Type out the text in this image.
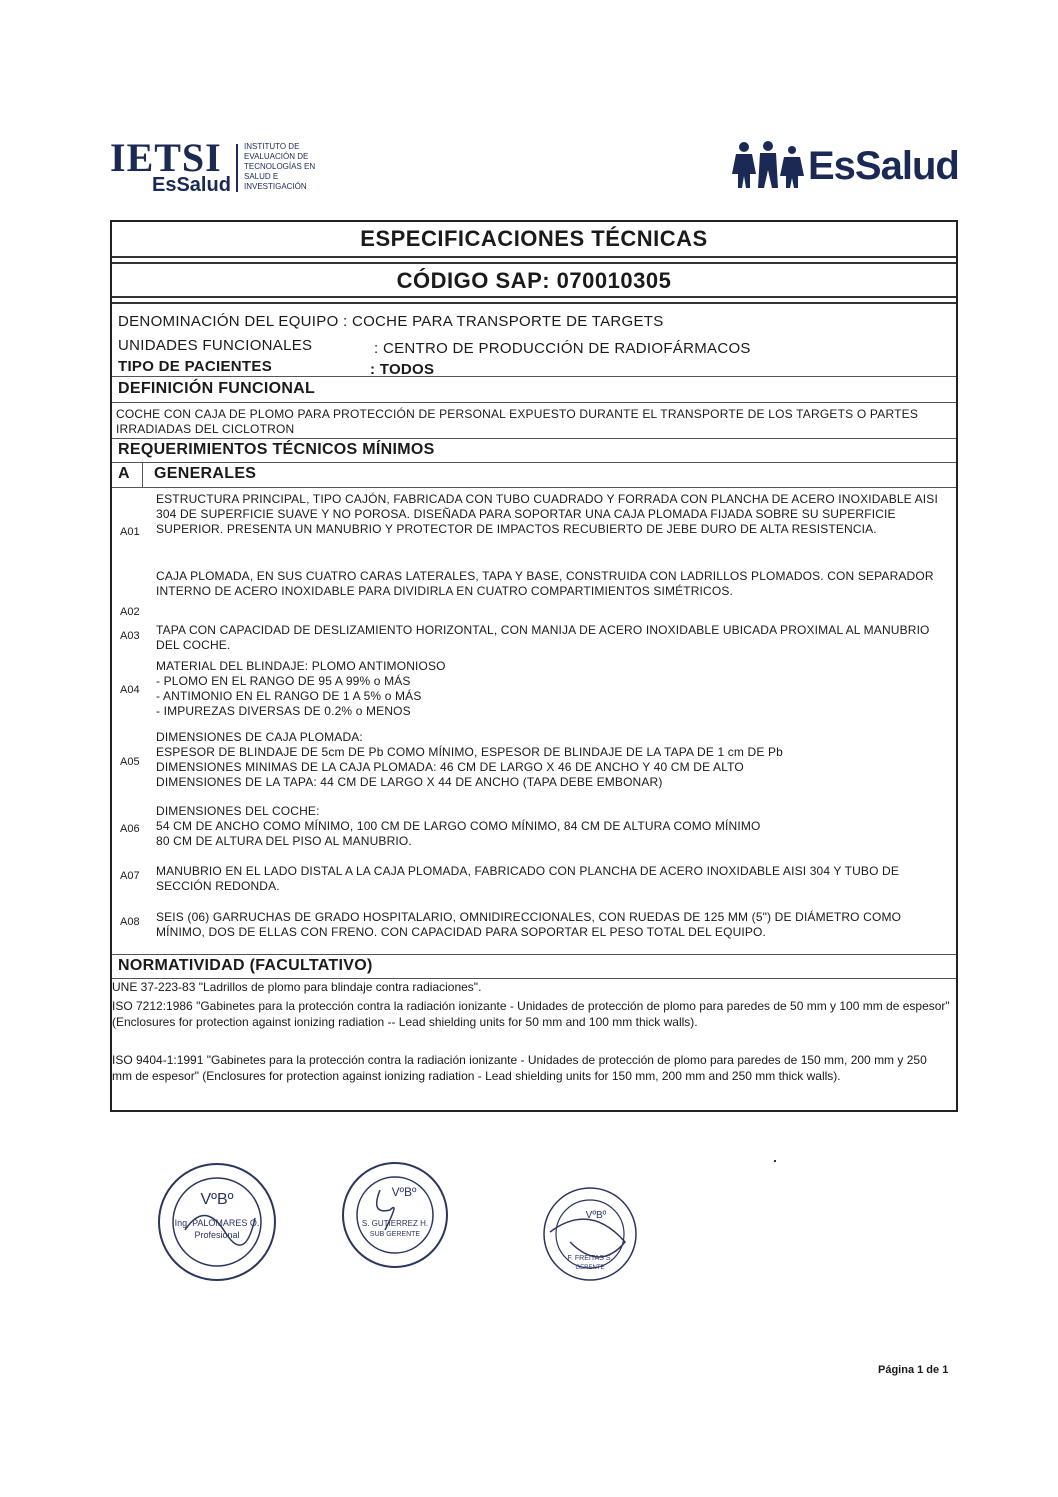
IETSI
EsSalud
INSTITUTO DE
EVALUACIÓN DE
TECNOLOGÍAS EN
SALUD E
INVESTIGACIÓN	EsSalud
ESPECIFICACIONES TÉCNICAS
CÓDIGO SAP: 070010305
DENOMINACIÓN DEL EQUIPO : COCHE PARA TRANSPORTE DE TARGETS
UNIDADES FUNCIONALES	: CENTRO DE PRODUCCIÓN DE RADIOFÁRMACOS
TIPO DE PACIENTES	: TODOS
DEFINICIÓN FUNCIONAL
COCHE CON CAJA DE PLOMO PARA PROTECCIÓN DE PERSONAL EXPUESTO DURANTE EL TRANSPORTE DE LOS TARGETS O PARTES IRRADIADAS DEL CICLOTRON
REQUERIMIENTOS TÉCNICOS MÍNIMOS
A GENERALES
A01
ESTRUCTURA PRINCIPAL, TIPO CAJÓN, FABRICADA CON TUBO CUADRADO Y FORRADA CON PLANCHA DE ACERO INOXIDABLE AISI 304 DE SUPERFICIE SUAVE Y NO POROSA. DISEÑADA PARA SOPORTAR UNA CAJA PLOMADA FIJADA SOBRE SU SUPERFICIE SUPERIOR. PRESENTA UN MANUBRIO Y PROTECTOR DE IMPACTOS RECUBIERTO DE JEBE DURO DE ALTA RESISTENCIA.
A02
CAJA PLOMADA, EN SUS CUATRO CARAS LATERALES, TAPA Y BASE, CONSTRUIDA CON LADRILLOS PLOMADOS. CON SEPARADOR INTERNO DE ACERO INOXIDABLE PARA DIVIDIRLA EN CUATRO COMPARTIMIENTOS SIMÉTRICOS.
A03 TAPA CON CAPACIDAD DE DESLIZAMIENTO HORIZONTAL, CON MANIJA DE ACERO INOXIDABLE UBICADA PROXIMAL AL MANUBRIO DEL COCHE.
A04
MATERIAL DEL BLINDAJE: PLOMO ANTIMONIOSO
- PLOMO EN EL RANGO DE 95 A 99% o MÁS
- ANTIMONIO EN EL RANGO DE 1 A 5% o MÁS
- IMPUREZAS DIVERSAS DE 0.2% o MENOS
A05
DIMENSIONES DE CAJA PLOMADA:
ESPESOR DE BLINDAJE DE 5cm DE Pb COMO MÍNIMO, ESPESOR DE BLINDAJE DE LA TAPA DE 1 cm DE Pb
DIMENSIONES MINIMAS DE LA CAJA PLOMADA: 46 CM DE LARGO X 46 DE ANCHO Y 40 CM DE ALTO
DIMENSIONES DE LA TAPA: 44 CM DE LARGO X 44 DE ANCHO (TAPA DEBE EMBONAR)
A06
DIMENSIONES DEL COCHE:
54 CM DE ANCHO COMO MÍNIMO, 100 CM DE LARGO COMO MÍNIMO, 84 CM DE ALTURA COMO MÍNIMO
80 CM DE ALTURA DEL PISO AL MANUBRIO.
A07 MANUBRIO EN EL LADO DISTAL A LA CAJA PLOMADA, FABRICADO CON PLANCHA DE ACERO INOXIDABLE AISI 304 Y TUBO DE SECCIÓN REDONDA.
A08 SEIS (06) GARRUCHAS DE GRADO HOSPITALARIO, OMNIDIRECCIONALES, CON RUEDAS DE 125 MM (5") DE DIÁMETRO COMO MÍNIMO, DOS DE ELLAS CON FRENO. CON CAPACIDAD PARA SOPORTAR EL PESO TOTAL DEL EQUIPO.
NORMATIVIDAD (FACULTATIVO)
UNE 37-223-83 "Ladrillos de plomo para blindaje contra radiaciones".
ISO 7212:1986 "Gabinetes para la protección contra la radiación ionizante - Unidades de protección de plomo para paredes de 50 mm y 100 mm de espesor" (Enclosures for protection against ionizing radiation -- Lead shielding units for 50 mm and 100 mm thick walls).
ISO 9404-1:1991 "Gabinetes para la protección contra la radiación ionizante - Unidades de protección de plomo para paredes de 150 mm, 200 mm y 250 mm de espesor" (Enclosures for protection against ionizing radiation - Lead shielding units for 150 mm, 200 mm and 250 mm thick walls).
VºBº
Ing. PALOMARES O.
Profesional
VºBº
S. GUTIERREZ H.
SUB GERENTE
VºBº
F. FREITAS S.
GERENTE
Página 1 de 1
